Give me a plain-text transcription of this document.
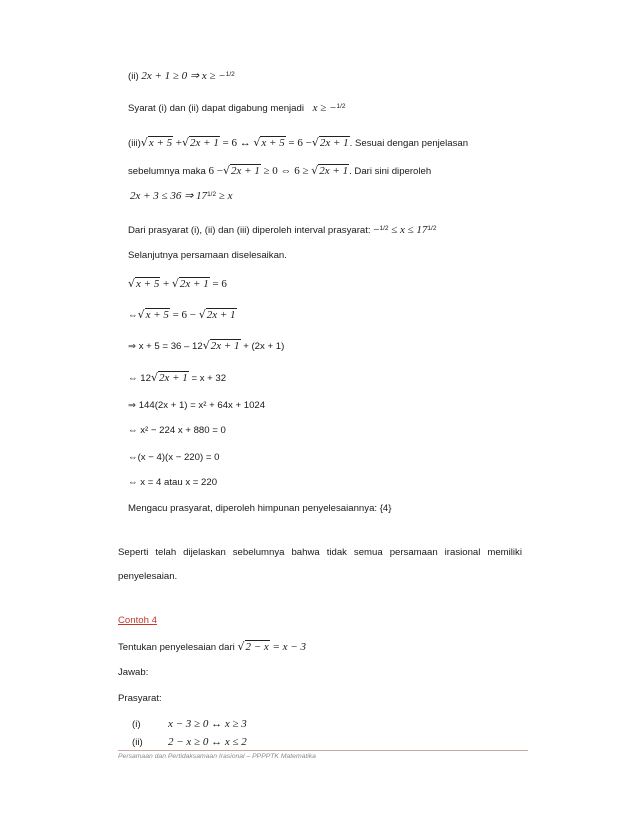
(ii) 2x + 1 ≥ 0 ⇒ x ≥ −$^{1/2}$
Syarat (i) dan (ii) dapat digabung menjadi x ≥ −$^{1/2}$
(iii)√x + 5 +√2x + 1 = 6 ↔ √x + 5 = 6 −√2x + 1. Sesuai dengan penjelasan
sebelumnya maka 6 −√2x + 1 ≥ 0 ⇔ 6 ≥ √2x + 1. Dari sini diperoleh
2x + 3 ≤ 36 ⇒ $17^{1/2} \ge x$
Dari prasyarat (i), (ii) dan (iii) diperoleh interval prasyarat: $-^{1/2} \le x \le 17^{1/2}$
Selanjutnya persamaan diselesaikan.
√x + 5 + √2x + 1 = 6
⇔√x + 5 = 6 − √2x + 1
⇒ x + 5 = 36 – 12√2x + 1 + (2x + 1)
⇔ 12√2x + 1 = x + 32
⇒ 144(2x + 1) = x² + 64x + 1024
⇔ x² − 224 x + 880 = 0
⇔(x − 4)(x − 220) = 0
⇔ x = 4 atau x = 220
Mengacu prasyarat, diperoleh himpunan penyelesaiannya: {4}
Seperti telah dijelaskan sebelumnya bahwa tidak semua persamaan irasional memiliki
penyelesaian.
Contoh 4
Tentukan penyelesaian dari √2 − x = x − 3
Jawab:
Prasyarat:
(i) x − 3 ≥ 0 ↔ x ≥ 3
(ii) 2 − x ≥ 0 ↔ x ≤ 2
Persamaan dan Pertidaksamaan Irasional – PPPPTK Matematika
